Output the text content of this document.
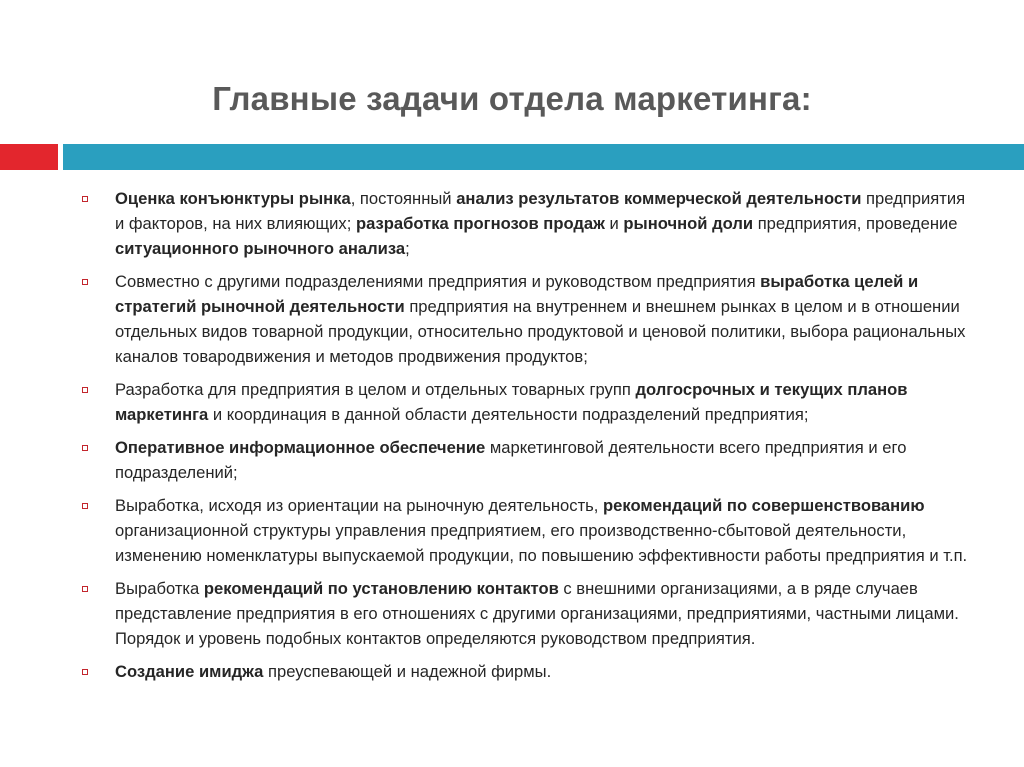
Главные задачи отдела маркетинга:
Оценка конъюнктуры рынка, постоянный анализ результатов коммерческой деятельности предприятия и факторов, на них влияющих; разработка прогнозов продаж и рыночной доли предприятия, проведение ситуационного рыночного анализа;
Совместно с другими подразделениями предприятия и руководством предприятия выработка целей и стратегий рыночной деятельности предприятия на внутреннем и внешнем рынках в целом и в отношении отдельных видов товарной продукции, относительно продуктовой и ценовой политики, выбора рациональных каналов товародвижения и методов продвижения продуктов;
Разработка для предприятия в целом и отдельных товарных групп долгосрочных и текущих планов маркетинга и координация в данной области деятельности подразделений предприятия;
Оперативное информационное обеспечение маркетинговой деятельности всего предприятия и его подразделений;
Выработка, исходя из ориентации на рыночную деятельность, рекомендаций по совершенствованию организационной структуры управления предприятием, его производственно-сбытовой деятельности, изменению номенклатуры выпускаемой продукции, по повышению эффективности работы предприятия и т.п.
Выработка рекомендаций по установлению контактов с внешними организациями, а в ряде случаев представление предприятия в его отношениях с другими организациями, предприятиями, частными лицами. Порядок и уровень подобных контактов определяются руководством предприятия.
Создание имиджа преуспевающей и надежной фирмы.
